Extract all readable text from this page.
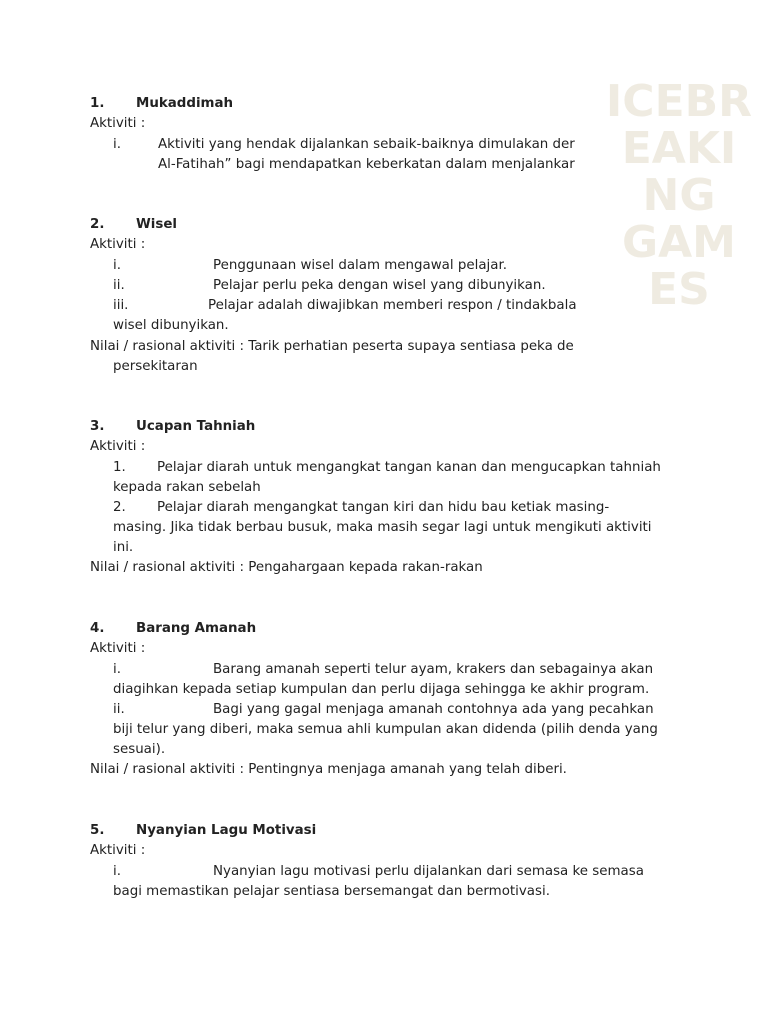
1. Mukaddimah
Aktiviti :
i.	Aktiviti yang hendak dijalankan sebaik-baiknya dimulakan der
Al-Fatihah” bagi mendapatkan keberkatan dalam menjalankar
2. Wisel
Aktiviti :
i.	Penggunaan wisel dalam mengawal pelajar.
ii.	Pelajar perlu peka dengan wisel yang dibunyikan.
iii.	Pelajar adalah diwajibkan memberi respon / tindakbala
wisel dibunyikan.
Nilai / rasional aktiviti : Tarik perhatian peserta supaya sentiasa peka de
persekitaran
3. Ucapan Tahniah
Aktiviti :
1. Pelajar diarah untuk mengangkat tangan kanan dan mengucapkan tahniah
kepada rakan sebelah
2. Pelajar diarah mengangkat tangan kiri dan hidu bau ketiak masing-
masing. Jika tidak berbau busuk, maka masih segar lagi untuk mengikuti aktiviti
ini.
Nilai / rasional aktiviti : Pengahargaan kepada rakan-rakan
4. Barang Amanah
Aktiviti :
i.	Barang amanah seperti telur ayam, krakers dan sebagainya akan
diagihkan kepada setiap kumpulan dan perlu dijaga sehingga ke akhir program.
ii.	Bagi yang gagal menjaga amanah contohnya ada yang pecahkan
biji telur yang diberi, maka semua ahli kumpulan akan didenda (pilih denda yang
sesuai).
Nilai / rasional aktiviti : Pentingnya menjaga amanah yang telah diberi.
5. Nyanyian Lagu Motivasi
Aktiviti :
i.	Nyanyian lagu motivasi perlu dijalankan dari semasa ke semasa
bagi memastikan pelajar sentiasa bersemangat dan bermotivasi.
ICEBR
EAKI
NG
GAM
ES
